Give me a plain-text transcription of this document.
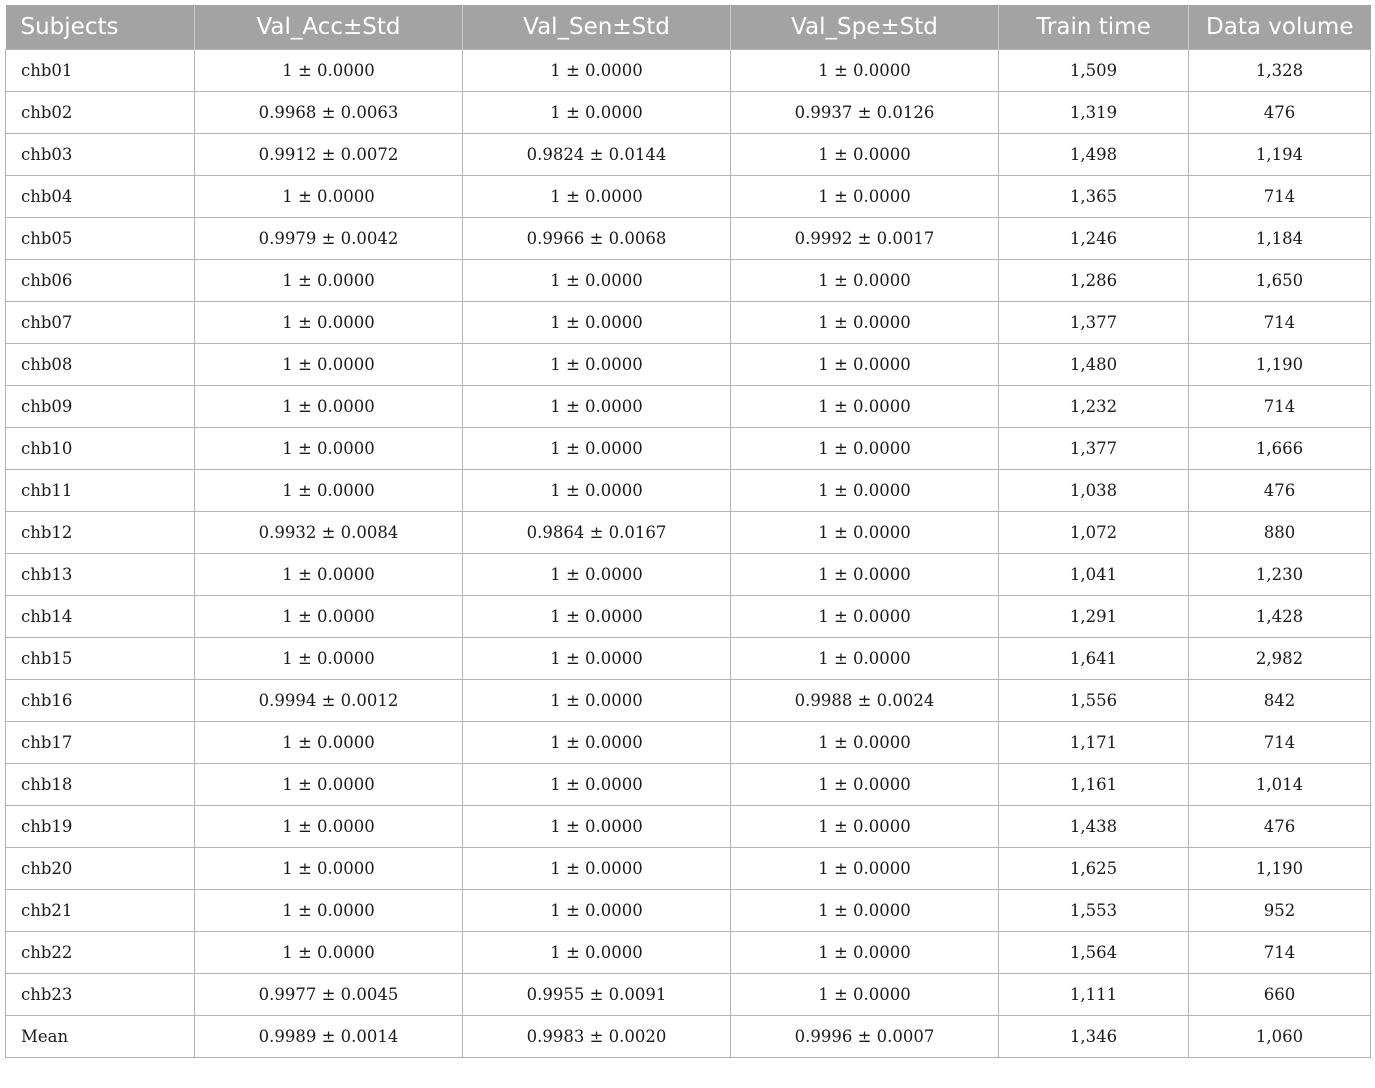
Subjects	Val_Acc±Std	Val_Sen±Std	Val_Spe±Std	Train time	Data volume
chb01	1 ± 0.0000	1 ± 0.0000	1 ± 0.0000	1,509	1,328
chb02	0.9968 ± 0.0063	1 ± 0.0000	0.9937 ± 0.0126	1,319	476
chb03	0.9912 ± 0.0072	0.9824 ± 0.0144	1 ± 0.0000	1,498	1,194
chb04	1 ± 0.0000	1 ± 0.0000	1 ± 0.0000	1,365	714
chb05	0.9979 ± 0.0042	0.9966 ± 0.0068	0.9992 ± 0.0017	1,246	1,184
chb06	1 ± 0.0000	1 ± 0.0000	1 ± 0.0000	1,286	1,650
chb07	1 ± 0.0000	1 ± 0.0000	1 ± 0.0000	1,377	714
chb08	1 ± 0.0000	1 ± 0.0000	1 ± 0.0000	1,480	1,190
chb09	1 ± 0.0000	1 ± 0.0000	1 ± 0.0000	1,232	714
chb10	1 ± 0.0000	1 ± 0.0000	1 ± 0.0000	1,377	1,666
chb11	1 ± 0.0000	1 ± 0.0000	1 ± 0.0000	1,038	476
chb12	0.9932 ± 0.0084	0.9864 ± 0.0167	1 ± 0.0000	1,072	880
chb13	1 ± 0.0000	1 ± 0.0000	1 ± 0.0000	1,041	1,230
chb14	1 ± 0.0000	1 ± 0.0000	1 ± 0.0000	1,291	1,428
chb15	1 ± 0.0000	1 ± 0.0000	1 ± 0.0000	1,641	2,982
chb16	0.9994 ± 0.0012	1 ± 0.0000	0.9988 ± 0.0024	1,556	842
chb17	1 ± 0.0000	1 ± 0.0000	1 ± 0.0000	1,171	714
chb18	1 ± 0.0000	1 ± 0.0000	1 ± 0.0000	1,161	1,014
chb19	1 ± 0.0000	1 ± 0.0000	1 ± 0.0000	1,438	476
chb20	1 ± 0.0000	1 ± 0.0000	1 ± 0.0000	1,625	1,190
chb21	1 ± 0.0000	1 ± 0.0000	1 ± 0.0000	1,553	952
chb22	1 ± 0.0000	1 ± 0.0000	1 ± 0.0000	1,564	714
chb23	0.9977 ± 0.0045	0.9955 ± 0.0091	1 ± 0.0000	1,111	660
Mean	0.9989 ± 0.0014	0.9983 ± 0.0020	0.9996 ± 0.0007	1,346	1,060
